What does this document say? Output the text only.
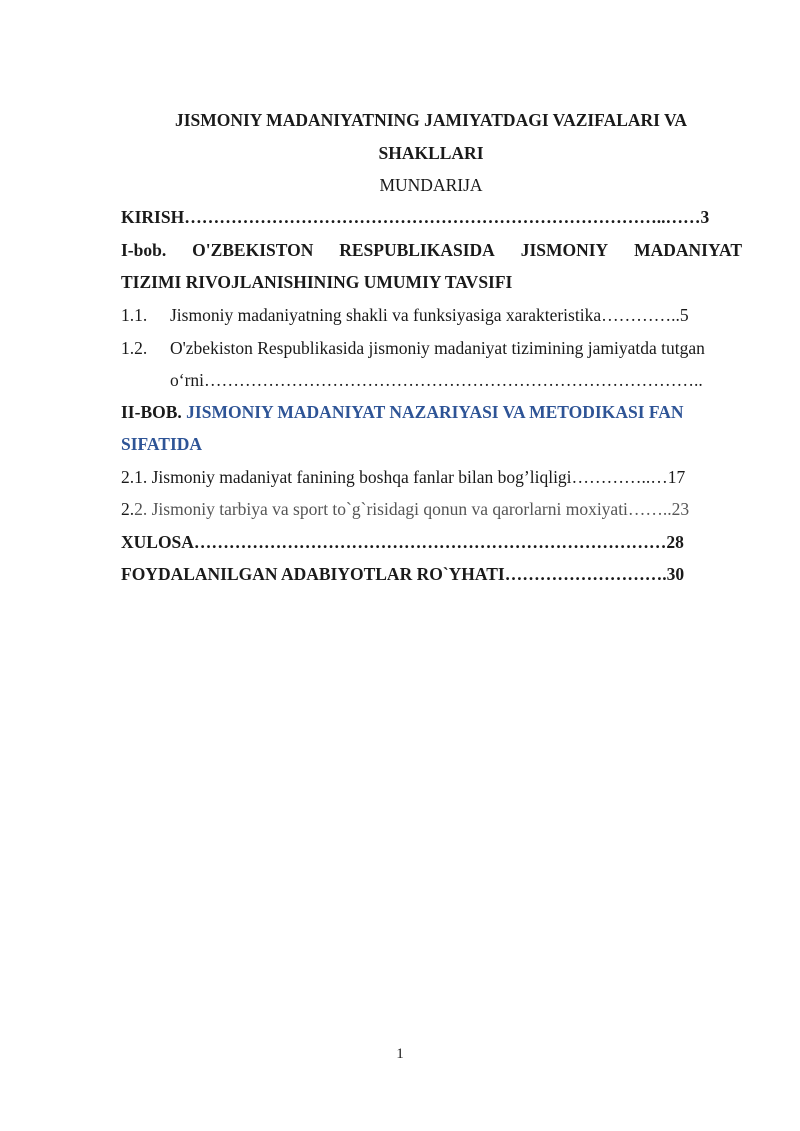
JISMONIY MADANIYATNING JAMIYATDAGI VAZIFALARI VA
SHAKLLARI
MUNDARIJA
KIRISH………………………………………………………………………..……3
I-bob. O'ZBEKISTON RESPUBLIKASIDA JISMONIY MADANIYAT
TIZIMI RIVOJLANISHINING UMUMIY TAVSIFI
1.1. Jismoniy madaniyatning shakli va funksiyasiga xarakteristika…………..5
1.2. O'zbekiston Respublikasida jismoniy madaniyat tizimining jamiyatda tutgan
o‘rni…………………………………………………………………………..
II-BOB. JISMONIY MADANIYAT NAZARIYASI VA METODIKASI FAN
SIFATIDA
2.1. Jismoniy madaniyat fanining boshqa fanlar bilan bog’liqligi…………..…17
2.2. Jismoniy tarbiya va sport to`g`risidagi qonun va qarorlarni moxiyati……..23
XULOSA………………………………………………………………………28
FOYDALANILGAN ADABIYOTLAR RO`YHATI……………………….30
1
